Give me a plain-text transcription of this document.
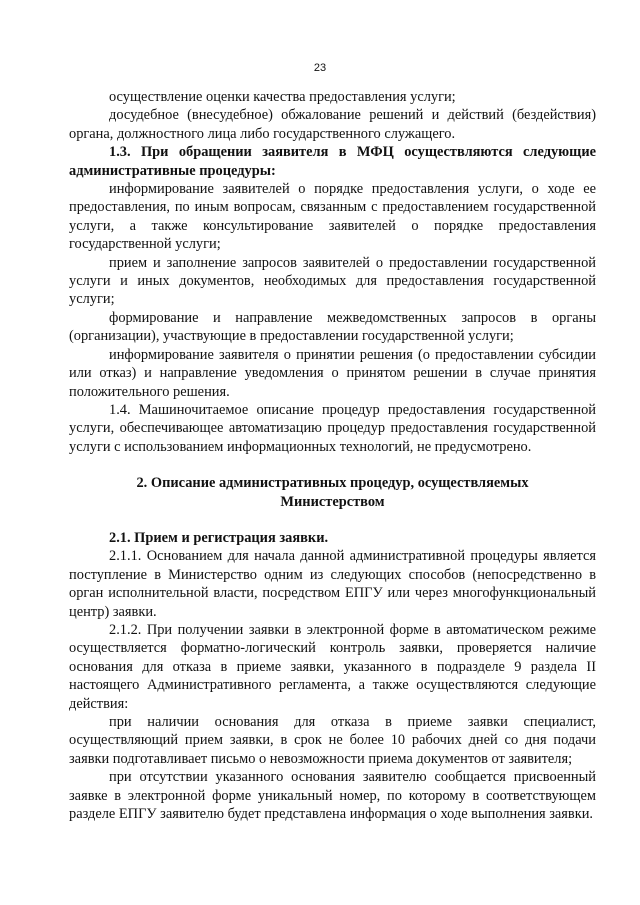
23

осуществление оценки качества предоставления услуги;

досудебное (внесудебное) обжалование решений и действий (бездействия) органа, должностного лица либо государственного служащего.

1.3. При обращении заявителя в МФЦ осуществляются следующие административные процедуры:

информирование заявителей о порядке предоставления услуги, о ходе ее предоставления, по иным вопросам, связанным с предоставлением государственной услуги, а также консультирование заявителей о порядке предоставления государственной услуги;

прием и заполнение запросов заявителей о предоставлении государственной услуги и иных документов, необходимых для предоставления государственной услуги;

формирование и направление межведомственных запросов в органы (организации), участвующие в предоставлении государственной услуги;

информирование заявителя о принятии решения (о предоставлении субсидии или отказ) и направление уведомления о принятом решении в случае принятия положительного решения.

1.4. Машиночитаемое описание процедур предоставления государственной услуги, обеспечивающее автоматизацию процедур предоставления государственной услуги с использованием информационных технологий, не предусмотрено.

2. Описание административных процедур, осуществляемых
Министерством

2.1. Прием и регистрация заявки.

2.1.1. Основанием для начала данной административной процедуры является поступление в Министерство одним из следующих способов (непосредственно в орган исполнительной власти, посредством ЕПГУ или через многофункциональный центр) заявки.

2.1.2. При получении заявки в электронной форме в автоматическом режиме осуществляется форматно-логический контроль заявки, проверяется наличие основания для отказа в приеме заявки, указанного в подразделе 9 раздела II настоящего Административного регламента, а также осуществляются следующие действия:

при наличии основания для отказа в приеме заявки специалист, осуществляющий прием заявки, в срок не более 10 рабочих дней со дня подачи заявки подготавливает письмо о невозможности приема документов от заявителя;

при отсутствии указанного основания заявителю сообщается присвоенный заявке в электронной форме уникальный номер, по которому в соответствующем разделе ЕПГУ заявителю будет представлена информация о ходе выполнения заявки.
